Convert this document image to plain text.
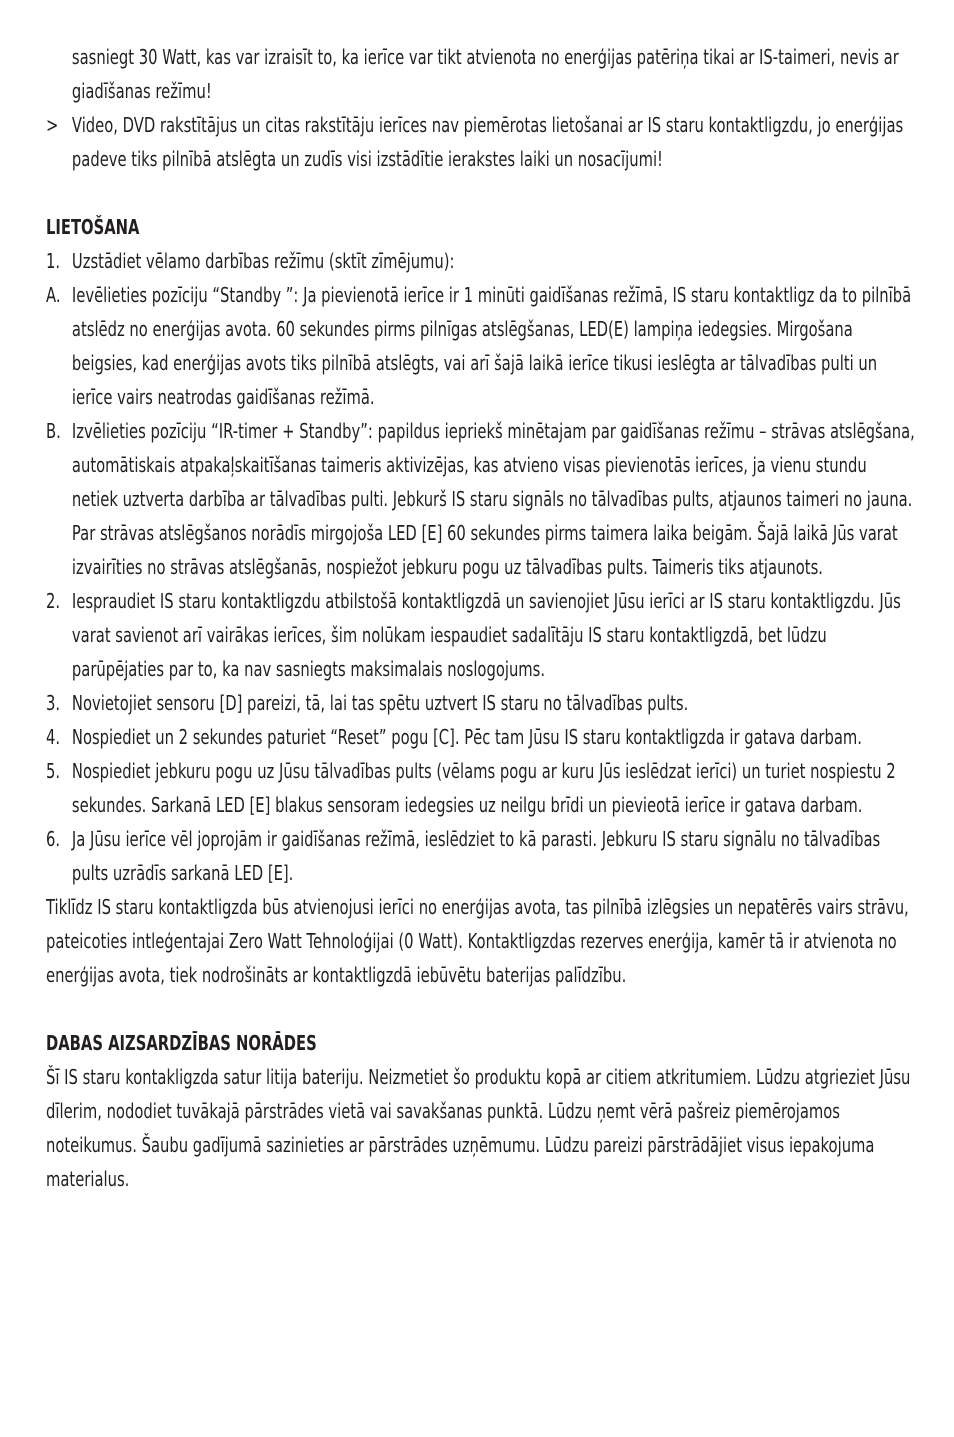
sasniegt 30 Watt, kas var izraisīt to, ka ierīce var tikt atvienota no enerģijas patēriņa tikai ar IS-taimeri, nevis ar giadīšanas režīmu!
> Video, DVD rakstītājus un citas rakstītāju ierīces nav piemērotas lietošanai ar IS staru kontaktligzdu, jo enerģijas padeve tiks pilnībā atslēgta un zudīs visi izstādītie ierakstes laiki un nosacījumi!
LIETOŠANA
1. Uzstādiet vēlamo darbības režīmu (sktīt zīmējumu):
A. Ievēlieties pozīciju “Standby ”: Ja pievienotā ierīce ir 1 minūti gaidīšanas režīmā, IS staru kontaktligz da to pilnībā atslēdz no enerģijas avota. 60 sekundes pirms pilnīgas atslēgšanas, LED(E) lampiņa iedegsies. Mirgošana beigsies, kad enerģijas avots tiks pilnībā atslēgts, vai arī šajā laikā ierīce tikusi ieslēgta ar tālvadības pulti un ierīce vairs neatrodas gaidīšanas režīmā.
B. Izvēlieties pozīciju “IR-timer + Standby”: papildus iepriekš minētajam par gaidīšanas režīmu – strāvas atslēgšana, automātiskais atpakaļskaitīšanas taimeris aktivizējas, kas atvieno visas pievienotās ierīces, ja vienu stundu netiek uztverta darbība ar tālvadības pulti. Jebkurš IS staru signāls no tālvadības pults, atjaunos taimeri no jauna. Par strāvas atslēgšanos norādīs mirgojoša LED [E] 60 sekundes pirms taimera laika beigām. Šajā laikā Jūs varat izvairīties no strāvas atslēgšanās, nospiežot jebkuru pogu uz tālvadības pults. Taimeris tiks atjaunots.
2. Iespraudiet IS staru kontaktligzdu atbilstošā kontaktligzdā un savienojiet Jūsu ierīci ar IS staru kontaktligzdu. Jūs varat savienot arī vairākas ierīces, šim nolūkam iespaudiet sadalītāju IS staru kontaktligzdā, bet lūdzu parūpējaties par to, ka nav sasniegts maksimalais noslogojums.
3. Novietojiet sensoru [D] pareizi, tā, lai tas spētu uztvert IS staru no tālvadības pults.
4. Nospiediet un 2 sekundes paturiet “Reset” pogu [C]. Pēc tam Jūsu IS staru kontaktligzda ir gatava darbam.
5. Nospiediet jebkuru pogu uz Jūsu tālvadības pults (vēlams pogu ar kuru Jūs ieslēdzat ierīci) un turiet nospiestu 2 sekundes. Sarkanā LED [E] blakus sensoram iedegsies uz neilgu brīdi un pievieotā ierīce ir gatava darbam.
6. Ja Jūsu ierīce vēl joprojām ir gaidīšanas režīmā, ieslēdziet to kā parasti. Jebkuru IS staru signālu no tālvadības pults uzrādīs sarkanā LED [E].
Tiklīdz IS staru kontaktligzda būs atvienojusi ierīci no enerģijas avota, tas pilnībā izlēgsies un nepatērēs vairs strāvu, pateicoties intleģentajai Zero Watt Tehnoloģijai (0 Watt). Kontaktligzdas rezerves enerģija, kamēr tā ir atvienota no enerģijas avota, tiek nodrošināts ar kontaktligzdā iebūvētu baterijas palīdzību.
DABAS AIZSARDZĪBAS NORĀDES
Šī IS staru kontakligzda satur litija bateriju. Neizmetiet šo produktu kopā ar citiem atkritumiem. Lūdzu atgrieziet Jūsu dīlerim, nododiet tuvākajā pārstrādes vietā vai savakšanas punktā. Lūdzu ņemt vērā pašreiz piemērojamos noteikumus. Šaubu gadījumā sazinieties ar pārstrādes uzņēmumu. Lūdzu pareizi pārstrādājiet visus iepakojuma materialus.
